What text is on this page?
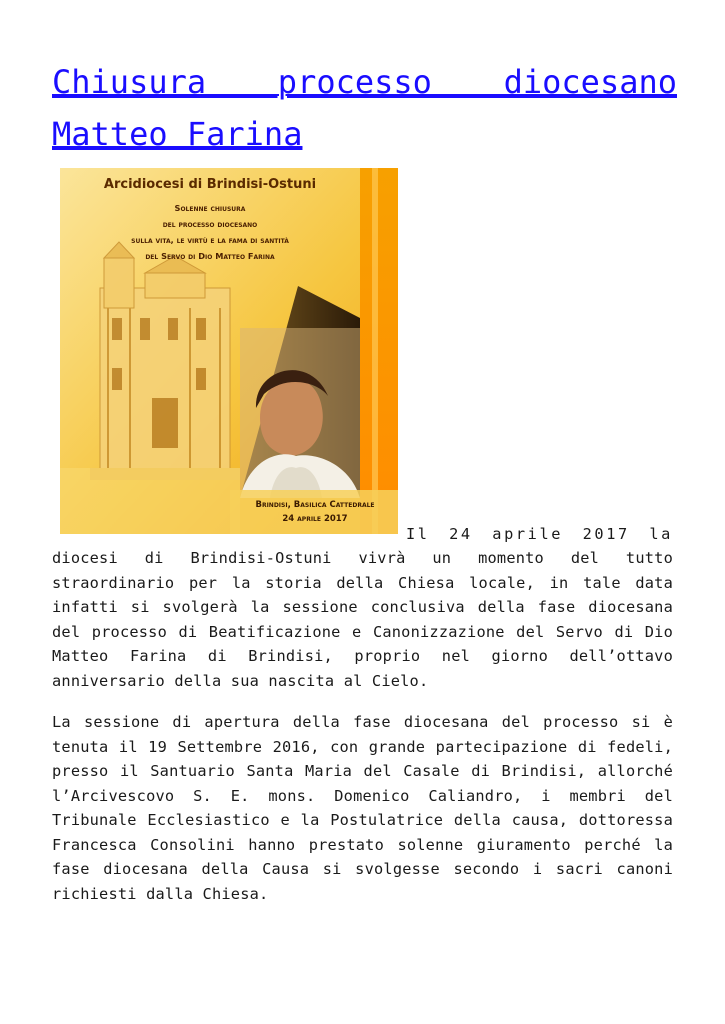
Chiusura processo diocesano Matteo Farina
Arcidiocesi di Brindisi-Ostuni
Solenne chiusura
del processo diocesano
sulla vita, le virtù e la fama di santità
del Servo di Dio Matteo Farina
Brindisi, Basilica Cattedrale
24 aprile 2017

Il 24 aprile 2017 la

diocesi di Brindisi-Ostuni vivrà un momento del tutto straordinario per la storia della Chiesa locale, in tale data infatti si svolgerà la sessione conclusiva della fase diocesana del processo di Beatificazione e Canonizzazione del Servo di Dio Matteo Farina di Brindisi, proprio nel giorno dell’ottavo anniversario della sua nascita al Cielo.

La sessione di apertura della fase diocesana del processo si è tenuta il 19 Settembre 2016, con grande partecipazione di fedeli, presso il Santuario Santa Maria del Casale di Brindisi, allorché l’Arcivescovo S. E. mons. Domenico Caliandro, i membri del Tribunale Ecclesiastico e la Postulatrice della causa, dottoressa Francesca Consolini hanno prestato solenne giuramento perché la fase diocesana della Causa si svolgesse secondo i sacri canoni richiesti dalla Chiesa.
